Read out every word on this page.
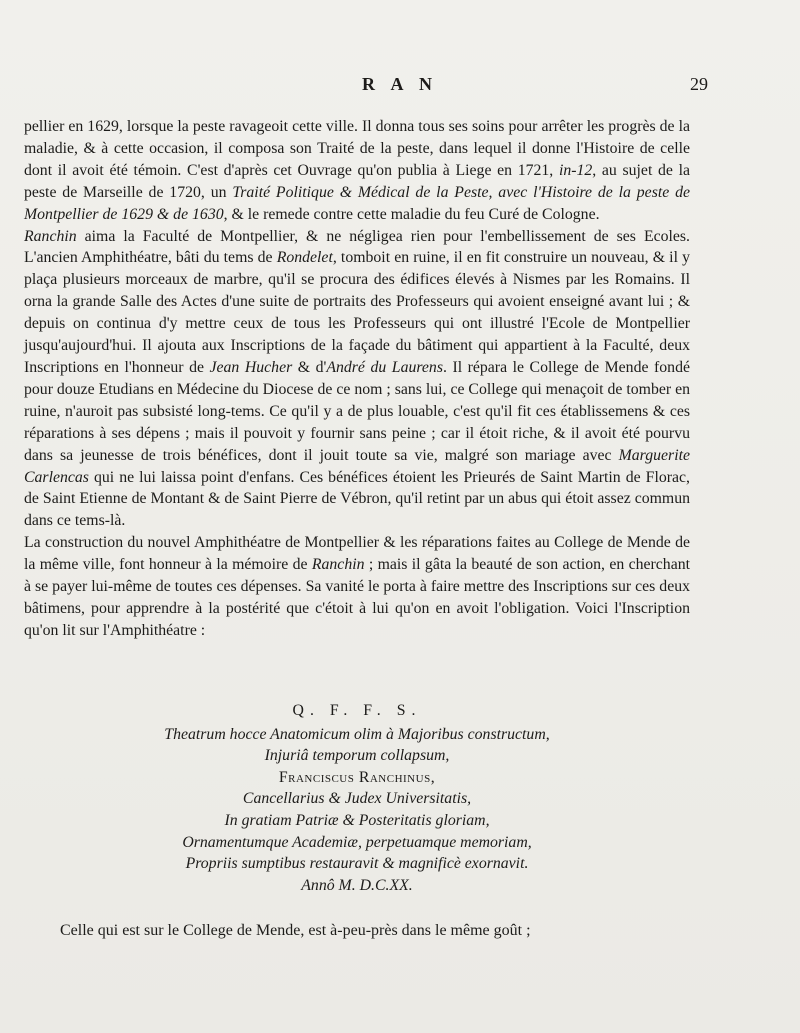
R A N	29

pellier en 1629, lorsque la peste ravageoit cette ville. Il donna tous ses soins pour arrêter les progrès de la maladie, & à cette occasion, il composa son Traité de la peste, dans lequel il donne l'Histoire de celle dont il avoit été témoin. C'est d'après cet Ouvrage qu'on publia à Liege en 1721, in-12, au sujet de la peste de Marseille de 1720, un Traité Politique & Médical de la Peste, avec l'Histoire de la peste de Montpellier de 1629 & de 1630, & le remede contre cette maladie du feu Curé de Cologne.

Ranchin aima la Faculté de Montpellier, & ne négligea rien pour l'embellissement de ses Ecoles. L'ancien Amphithéatre, bâti du tems de Rondelet, tomboit en ruine, il en fit construire un nouveau, & il y plaça plusieurs morceaux de marbre, qu'il se procura des édifices élevés à Nismes par les Romains. Il orna la grande Salle des Actes d'une suite de portraits des Professeurs qui avoient enseigné avant lui ; & depuis on continua d'y mettre ceux de tous les Professeurs qui ont illustré l'Ecole de Montpellier jusqu'aujourd'hui. Il ajouta aux Inscriptions de la façade du bâtiment qui appartient à la Faculté, deux Inscriptions en l'honneur de Jean Hucher & d'André du Laurens. Il répara le College de Mende fondé pour douze Etudians en Médecine du Diocese de ce nom ; sans lui, ce College qui menaçoit de tomber en ruine, n'auroit pas subsisté long-tems. Ce qu'il y a de plus louable, c'est qu'il fit ces établissemens & ces réparations à ses dépens ; mais il pouvoit y fournir sans peine ; car il étoit riche, & il avoit été pourvu dans sa jeunesse de trois bénéfices, dont il jouit toute sa vie, malgré son mariage avec Marguerite Carlencas qui ne lui laissa point d'enfans. Ces bénéfices étoient les Prieurés de Saint Martin de Florac, de Saint Etienne de Montant & de Saint Pierre de Vébron, qu'il retint par un abus qui étoit assez commun dans ce tems-là.

La construction du nouvel Amphithéatre de Montpellier & les réparations faites au College de Mende de la même ville, font honneur à la mémoire de Ranchin ; mais il gâta la beauté de son action, en cherchant à se payer lui-même de toutes ces dépenses. Sa vanité le porta à faire mettre des Inscriptions sur ces deux bâtimens, pour apprendre à la postérité que c'étoit à lui qu'on en avoit l'obligation. Voici l'Inscription qu'on lit sur l'Amphithéatre :

Q. F. F. S.
Theatrum hocce Anatomicum olim à Majoribus constructum,
Injuriâ temporum collapsum,
Franciscus Ranchinus,
Cancellarius & Judex Universitatis,
In gratiam Patriæ & Posteritatis gloriam,
Ornamentumque Academiæ, perpetuamque memoriam,
Propriis sumptibus restauravit & magnificè exornavit.
Annô M. D.C.XX.
Celle qui est sur le College de Mende, est à-peu-près dans le même goût ;
